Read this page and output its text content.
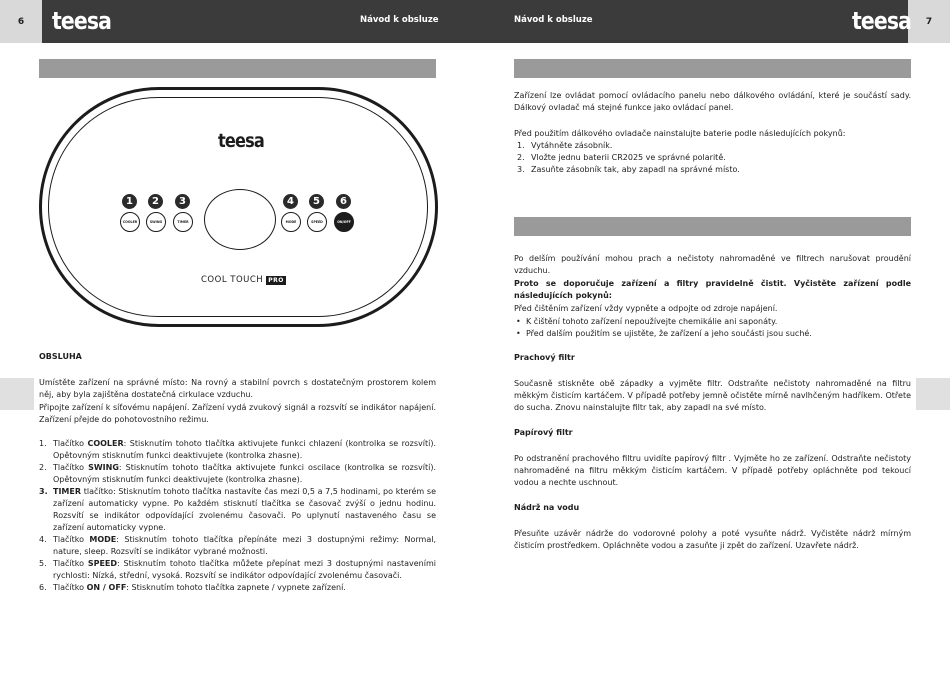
6	7
teesa	teesa
Návod k obsluze	Návod k obsluze
teesa
1	2	3	4	5	6
COOLER	SWING	TIMER	MODE	SPEED	ON/OFF
COOL TOUCH PRO
OBSLUHA
Umístěte zařízení na správné místo: Na rovný a stabilní povrch s dostatečným prostorem kolem něj, aby byla zajištěna dostatečná cirkulace vzduchu.
Připojte zařízení k síťovému napájení. Zařízení vydá zvukový signál a rozsvítí se indikátor napájení. Zařízení přejde do pohotovostního režimu.
1. Tlačítko COOLER: Stisknutím tohoto tlačítka aktivujete funkci chlazení (kontrolka se rozsvítí). Opětovným stisknutím funkci deaktivujete (kontrolka zhasne).
2. Tlačítko SWING: Stisknutím tohoto tlačítka aktivujete funkci oscilace (kontrolka se rozsvítí). Opětovným stisknutím funkci deaktivujete (kontrolka zhasne).
3. TIMER tlačítko: Stisknutím tohoto tlačítka nastavíte čas mezi 0,5 a 7,5 hodinami, po kterém se zařízení automaticky vypne. Po každém stisknutí tlačítka se časovač zvýší o jednu hodinu. Rozsvítí se indikátor odpovídající zvolenému časovači. Po uplynutí nastaveného času se zařízení automaticky vypne.
4. Tlačítko MODE: Stisknutím tohoto tlačítka přepínáte mezi 3 dostupnými režimy: Normal, nature, sleep. Rozsvítí se indikátor vybrané možnosti.
5. Tlačítko SPEED: Stisknutím tohoto tlačítka můžete přepínat mezi 3 dostupnými nastaveními rychlosti: Nízká, střední, vysoká. Rozsvítí se indikátor odpovídající zvolenému časovači.
6. Tlačítko ON / OFF: Stisknutím tohoto tlačítka zapnete / vypnete zařízení.
Zařízení lze ovládat pomocí ovládacího panelu nebo dálkového ovládání, které je součástí sady. Dálkový ovladač má stejné funkce jako ovládací panel.
Před použitím dálkového ovladače nainstalujte baterie podle následujících pokynů:
1. Vytáhněte zásobník.
2. Vložte jednu baterii CR2025 ve správné polaritě.
3. Zasuňte zásobník tak, aby zapadl na správné místo.
Po delším používání mohou prach a nečistoty nahromaděné ve filtrech narušovat proudění vzduchu.
Proto se doporučuje zařízení a filtry pravidelně čistit. Vyčistěte zařízení podle následujících pokynů:
Před čištěním zařízení vždy vypněte a odpojte od zdroje napájení.
• K čištění tohoto zařízení nepoužívejte chemikálie ani saponáty.
• Před dalším použitím se ujistěte, že zařízení a jeho součásti jsou suché.
Prachový filtr
Současně stiskněte obě západky a vyjměte filtr. Odstraňte nečistoty nahromaděné na filtru měkkým čisticím kartáčem. V případě potřeby jemně očistěte mírně navlhčeným hadříkem. Otřete do sucha. Znovu nainstalujte filtr tak, aby zapadl na své místo.
Papírový filtr
Po odstranění prachového filtru uvidíte papírový filtr . Vyjměte ho ze zařízení. Odstraňte nečistoty nahromaděné na filtru měkkým čisticím kartáčem. V případě potřeby opláchněte pod tekoucí vodou a nechte uschnout.
Nádrž na vodu
Přesuňte uzávěr nádrže do vodorovné polohy a poté vysuňte nádrž. Vyčistěte nádrž mírným čisticím prostředkem. Opláchněte vodou a zasuňte ji zpět do zařízení. Uzavřete nádrž.
